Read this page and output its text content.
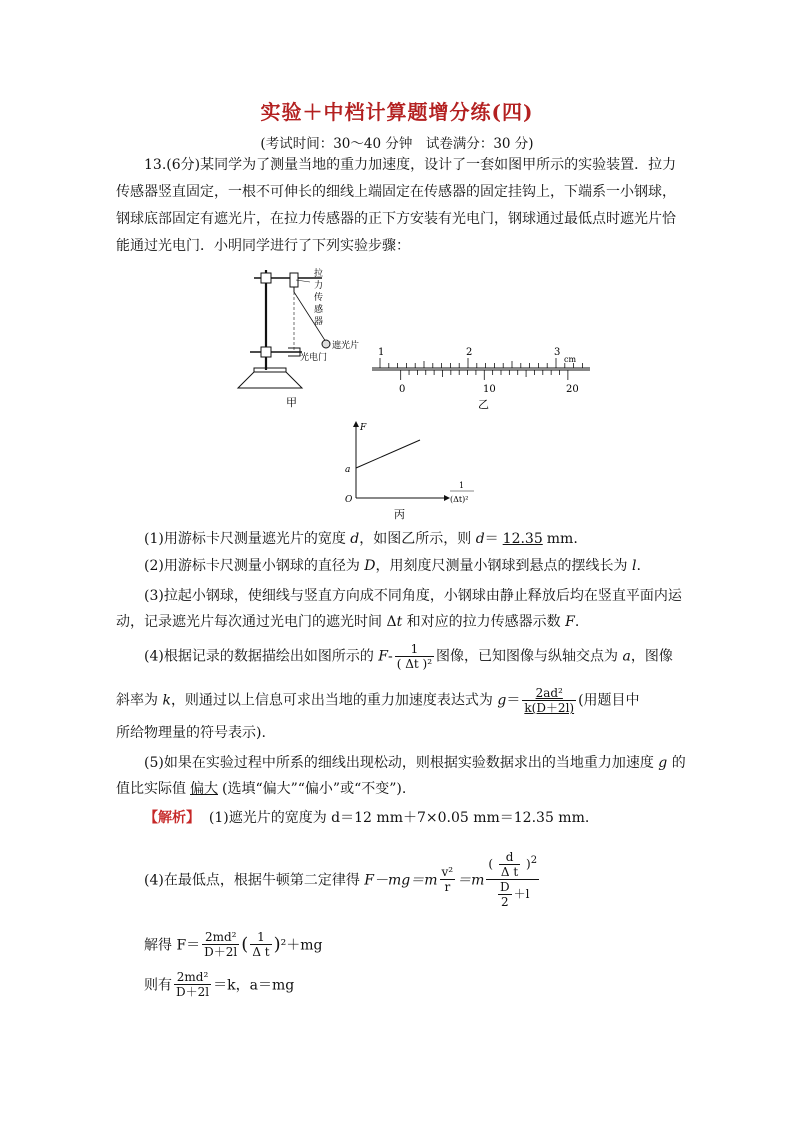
实验＋中档计算题增分练(四)
(考试时间：30～40 分钟　试卷满分：30 分)
13.(6分)某同学为了测量当地的重力加速度，设计了一套如图甲所示的实验装置．拉力
传感器竖直固定，一根不可伸长的细线上端固定在传感器的固定挂钩上，下端系一小钢球，
钢球底部固定有遮光片，在拉力传感器的正下方安装有光电门，钢球通过最低点时遮光片恰
能通过光电门．小明同学进行了下列实验步骤：
拉
力
传
感
器
遮光片
光电门
甲
1	2	3
cm
0	10	20
乙
F
a
O
1
(Δt)²
丙
(1)用游标卡尺测量遮光片的宽度 d，如图乙所示，则 d＝ 12.35 mm.
(2)用游标卡尺测量小钢球的直径为 D，用刻度尺测量小钢球到悬点的摆线长为 l.
(3)拉起小钢球，使细线与竖直方向成不同角度，小钢球由静止释放后均在竖直平面内运
动，记录遮光片每次通过光电门的遮光时间 Δt 和对应的拉力传感器示数 F.
(4)根据记录的数据描绘出如图所示的 $F- \frac{1}{\text{( Δt )²}}$ 图像，已知图像与纵轴交点为 a，图像
斜率为 k，则通过以上信息可求出当地的重力加速度表达式为 $g= \frac{\text{2ad²}}{k(D+2l)}$ (用题目中
所给物理量的符号表示).
(5)如果在实验过程中所系的细线出现松动，则根据实验数据求出的当地重力加速度 g 的
值比实际值 偏大 (选填“偏大”“偏小”或“不变”).
【解析】 (1)遮光片的宽度为 d＝12 mm＋7×0.05 mm＝12.35 mm.
(4)在最低点，根据牛顿第二定律得 $F-mg=m \frac{\text{v²}}{r} =m \frac{( \frac{d}{\text{Δ t}} )^2}{\frac{D}{2} +l}$
解得 $F= \frac{\text{2md²}}{D+2l}$ ( $\frac{1}{\text{Δ t}} )^2+mg$
则有 $\frac{\text{2md²}}{D+2l} =k$，a＝mg
